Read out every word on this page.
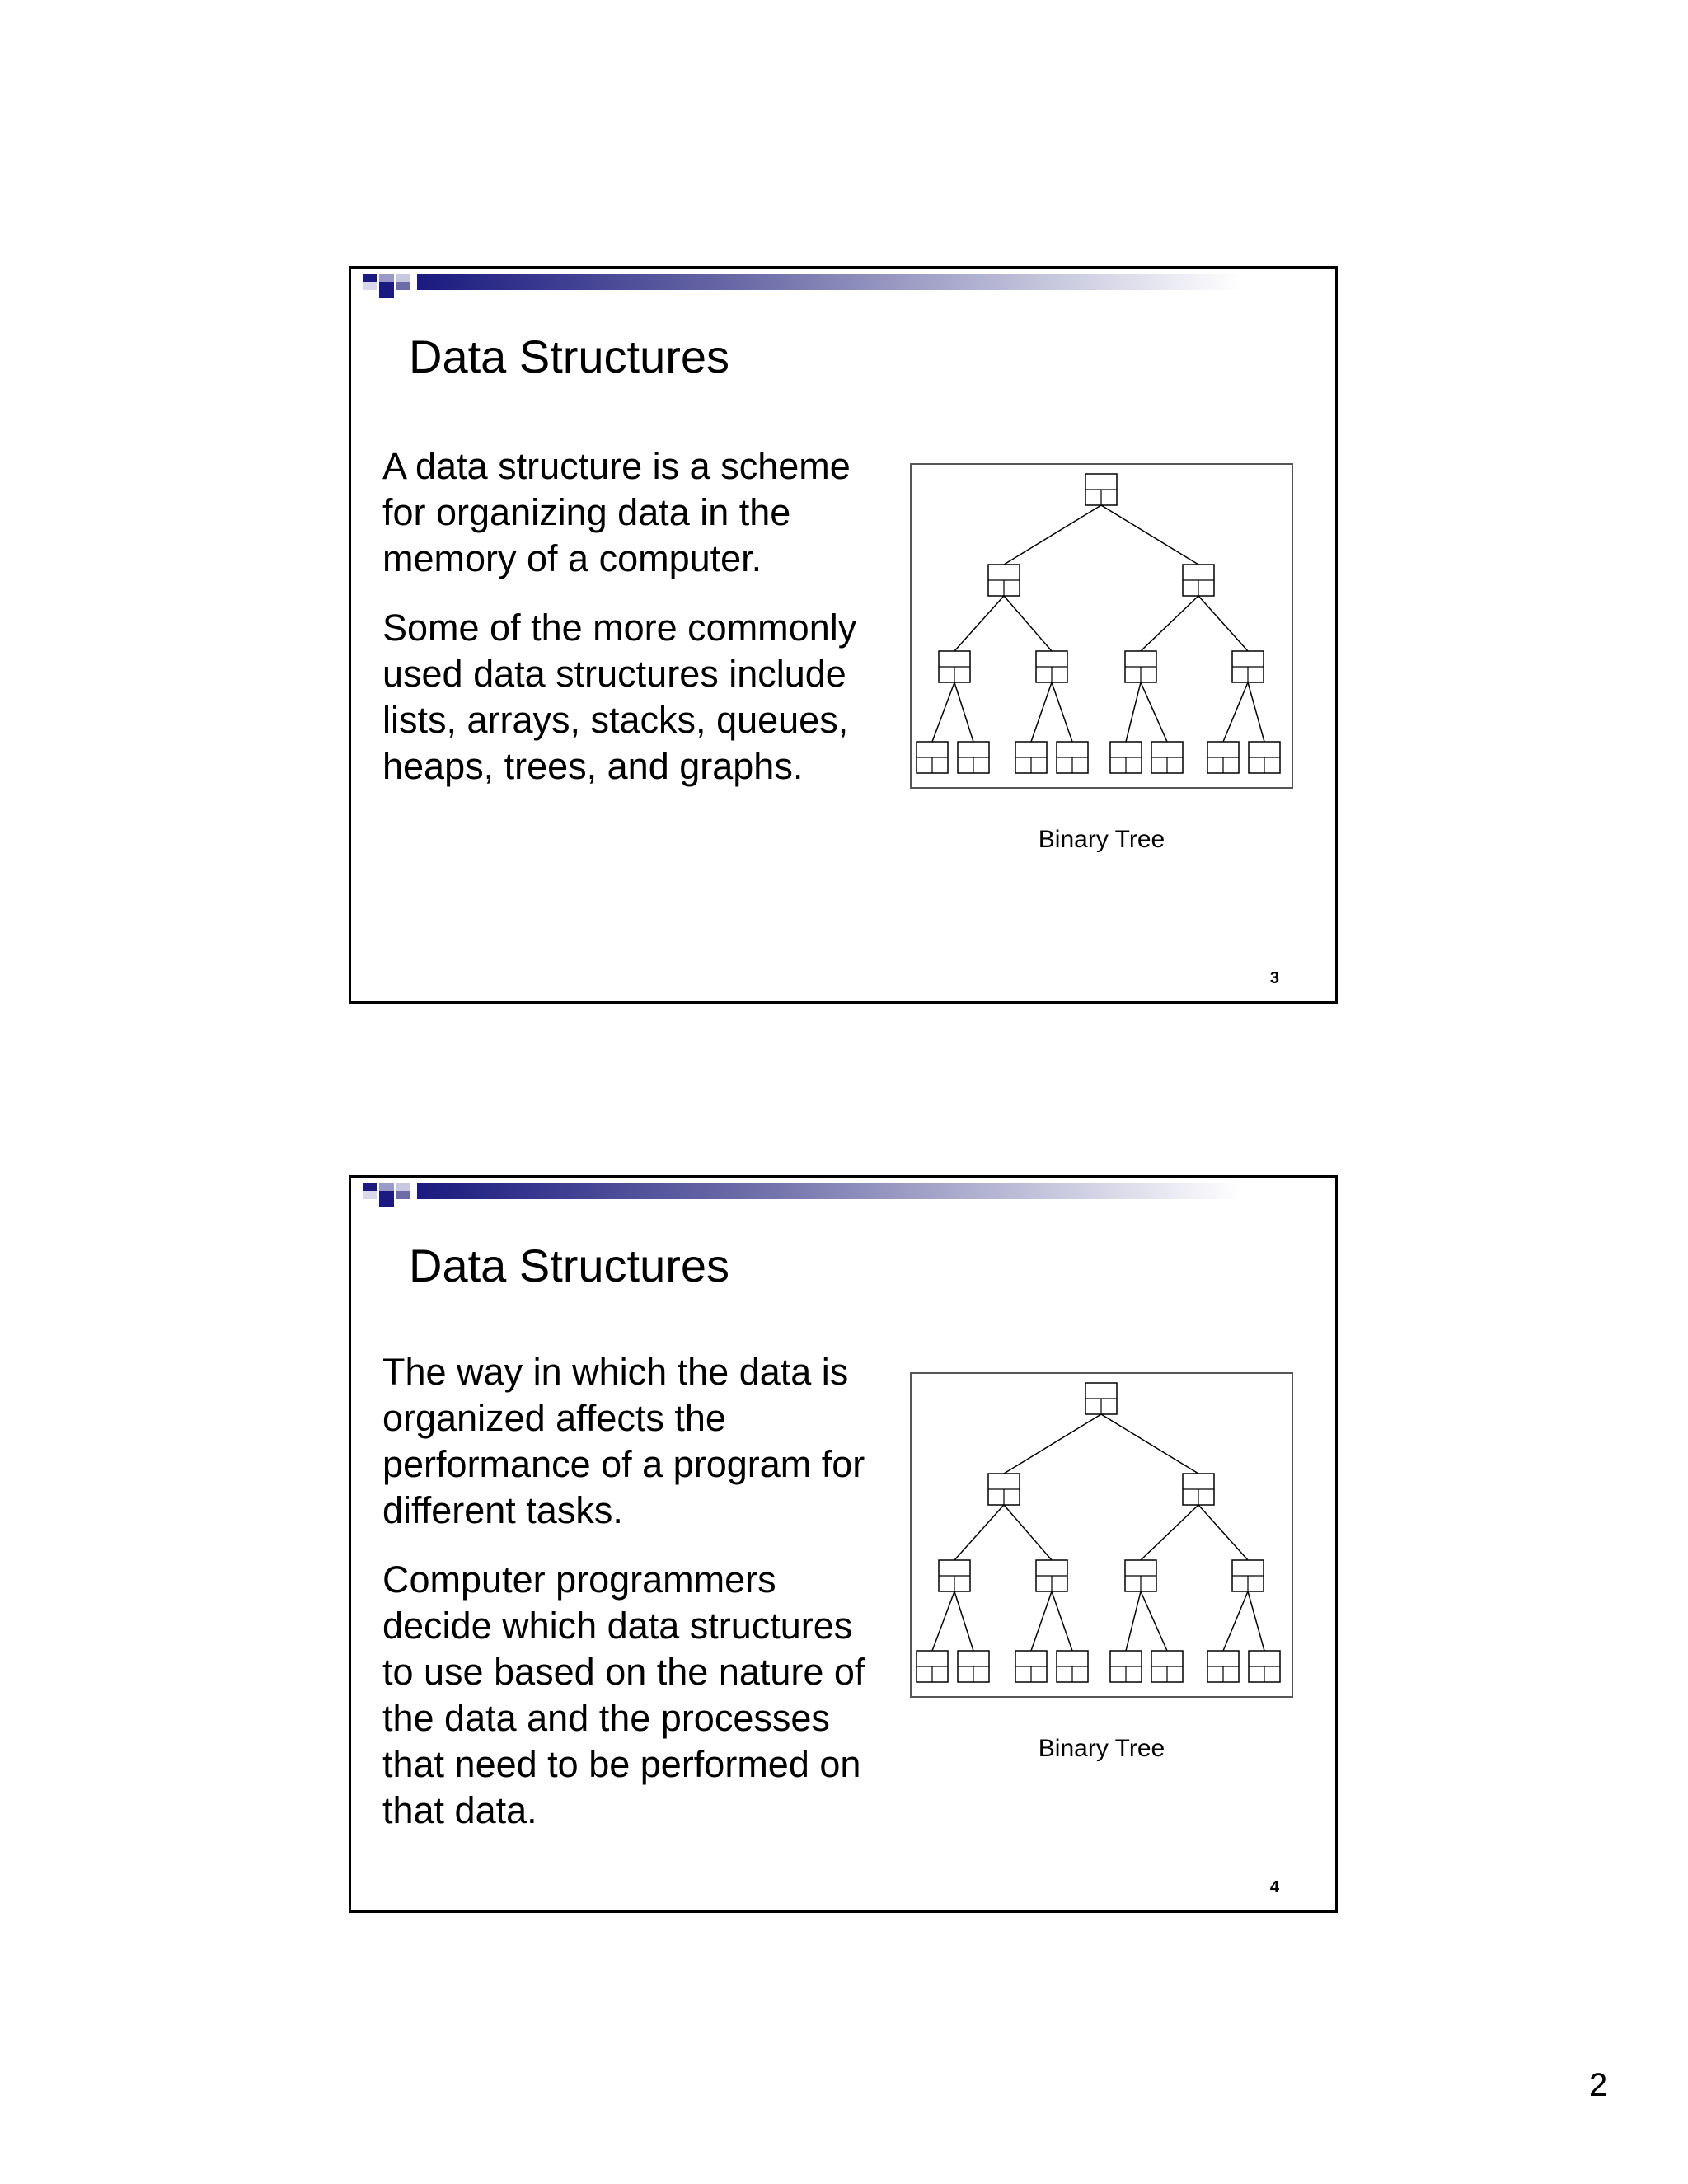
Data Structures

A data structure is a scheme for organizing data in the memory of a computer.

Some of the more commonly used data structures include lists, arrays, stacks, queues, heaps, trees, and graphs.

Binary Tree
3
Data Structures

The way in which the data is organized affects the performance of a program for different tasks.

Computer programmers decide which data structures to use based on the nature of the data and the processes that need to be performed on that data.

Binary Tree
4
2
